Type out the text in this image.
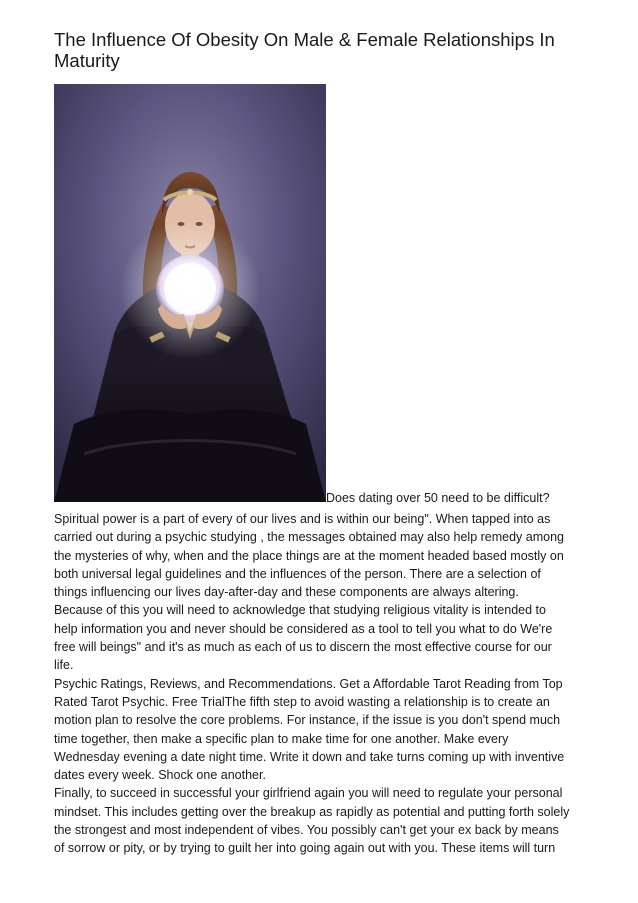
The Influence Of Obesity On Male & Female Relationships In Maturity
Does dating over 50 need to be difficult?
Spiritual power is a part of every of our lives and is within our being". When tapped into as
carried out during a psychic studying , the messages obtained may also help remedy among
the mysteries of why, when and the place things are at the moment headed based mostly on
both universal legal guidelines and the influences of the person. There are a selection of
things influencing our lives day-after-day and these components are always altering.
Because of this you will need to acknowledge that studying religious vitality is intended to
help information you and never should be considered as a tool to tell you what to do We're
free will beings" and it's as much as each of us to discern the most effective course for our
life.
Psychic Ratings, Reviews, and Recommendations. Get a Affordable Tarot Reading from Top
Rated Tarot Psychic. Free TrialThe fifth step to avoid wasting a relationship is to create an
motion plan to resolve the core problems. For instance, if the issue is you don't spend much
time together, then make a specific plan to make time for one another. Make every
Wednesday evening a date night time. Write it down and take turns coming up with inventive
dates every week. Shock one another.
Finally, to succeed in successful your girlfriend again you will need to regulate your personal
mindset. This includes getting over the breakup as rapidly as potential and putting forth solely
the strongest and most independent of vibes. You possibly can't get your ex back by means
of sorrow or pity, or by trying to guilt her into going again out with you. These items will turn
